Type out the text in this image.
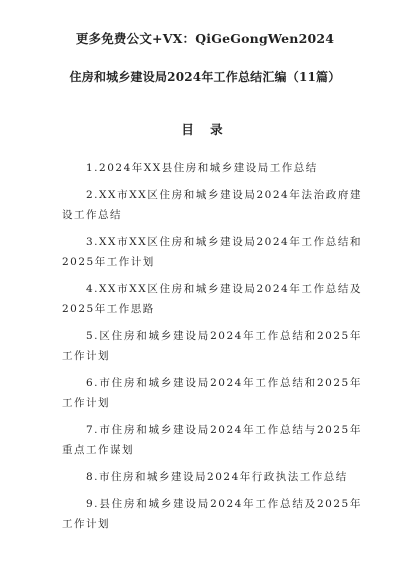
更多免费公文+VX：QiGeGongWen2024
住房和城乡建设局2024年工作总结汇编（11篇）
目 录
1.2024年XX县住房和城乡建设局工作总结
2.XX市XX区住房和城乡建设局2024年法治政府建设工作总结
3.XX市XX区住房和城乡建设局2024年工作总结和2025年工作计划
4.XX市XX区住房和城乡建设局2024年工作总结及2025年工作思路
5.区住房和城乡建设局2024年工作总结和2025年工作计划
6.市住房和城乡建设局2024年工作总结和2025年工作计划
7.市住房和城乡建设局2024年工作总结与2025年重点工作谋划
8.市住房和城乡建设局2024年行政执法工作总结
9.县住房和城乡建设局2024年工作总结及2025年工作计划
